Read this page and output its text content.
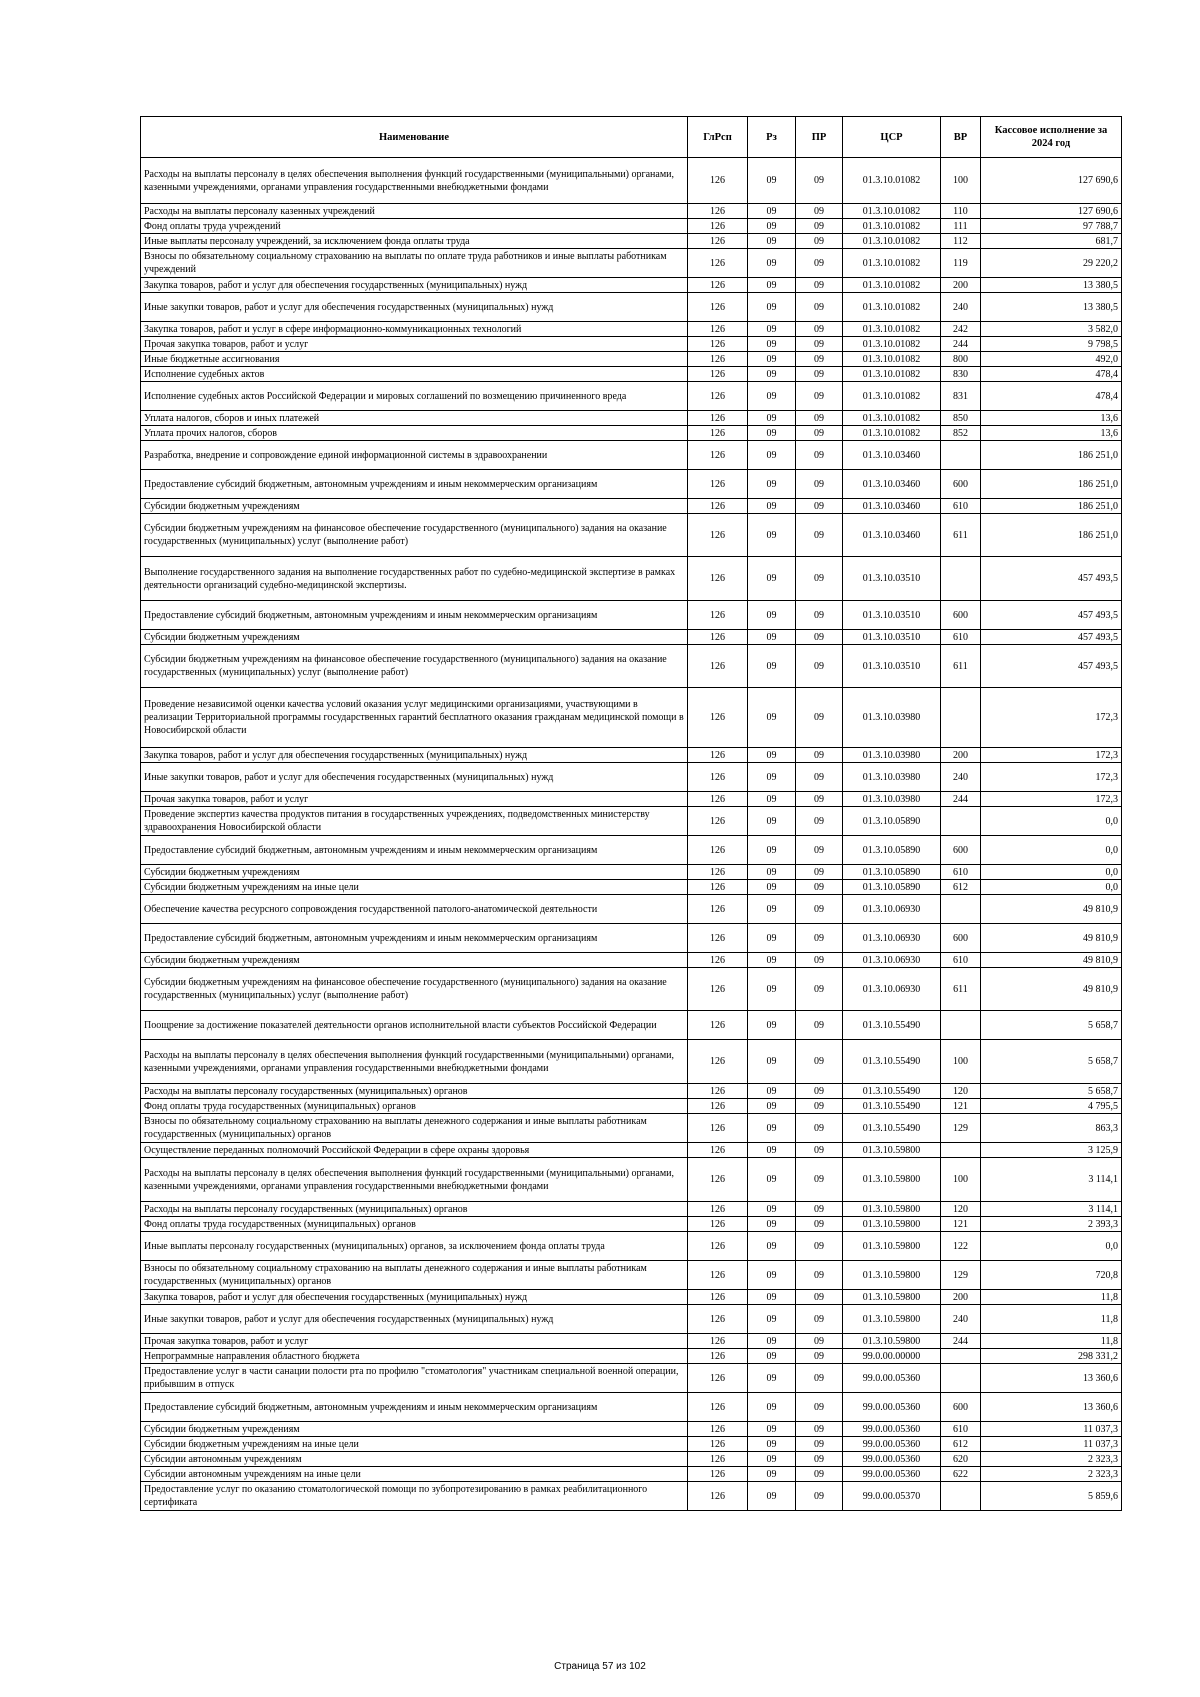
Наименование	ГлРсп	Рз	ПР	ЦСР	ВР	Кассовое исполнение за 2024 год
Расходы на выплаты персоналу в целях обеспечения выполнения функций государственными (муниципальными) органами, казенными учреждениями, органами управления государственными внебюджетными фондами	126	09	09	01.3.10.01082	100	127 690,6
Расходы на выплаты персоналу казенных учреждений	126	09	09	01.3.10.01082	110	127 690,6
Фонд оплаты труда учреждений	126	09	09	01.3.10.01082	111	97 788,7
Иные выплаты персоналу учреждений, за исключением фонда оплаты труда	126	09	09	01.3.10.01082	112	681,7
Взносы по обязательному социальному страхованию на выплаты по оплате труда работников и иные выплаты работникам учреждений	126	09	09	01.3.10.01082	119	29 220,2
Закупка товаров, работ и услуг для обеспечения государственных (муниципальных) нужд	126	09	09	01.3.10.01082	200	13 380,5
Иные закупки товаров, работ и услуг для обеспечения государственных (муниципальных) нужд	126	09	09	01.3.10.01082	240	13 380,5
Закупка товаров, работ и услуг в сфере информационно-коммуникационных технологий	126	09	09	01.3.10.01082	242	3 582,0
Прочая закупка товаров, работ и услуг	126	09	09	01.3.10.01082	244	9 798,5
Иные бюджетные ассигнования	126	09	09	01.3.10.01082	800	492,0
Исполнение судебных актов	126	09	09	01.3.10.01082	830	478,4
Исполнение судебных актов Российской Федерации и мировых соглашений по возмещению причиненного вреда	126	09	09	01.3.10.01082	831	478,4
Уплата налогов, сборов и иных платежей	126	09	09	01.3.10.01082	850	13,6
Уплата прочих налогов, сборов	126	09	09	01.3.10.01082	852	13,6
Разработка, внедрение и сопровождение единой информационной системы в здравоохранении	126	09	09	01.3.10.03460		186 251,0
Предоставление субсидий бюджетным, автономным учреждениям и иным некоммерческим организациям	126	09	09	01.3.10.03460	600	186 251,0
Субсидии бюджетным учреждениям	126	09	09	01.3.10.03460	610	186 251,0
Субсидии бюджетным учреждениям на финансовое обеспечение государственного (муниципального) задания на оказание государственных (муниципальных) услуг (выполнение работ)	126	09	09	01.3.10.03460	611	186 251,0
Выполнение государственного задания на выполнение государственных работ по судебно-медицинской экспертизе в рамках деятельности организаций судебно-медицинской экспертизы.	126	09	09	01.3.10.03510		457 493,5
Предоставление субсидий бюджетным, автономным учреждениям и иным некоммерческим организациям	126	09	09	01.3.10.03510	600	457 493,5
Субсидии бюджетным учреждениям	126	09	09	01.3.10.03510	610	457 493,5
Субсидии бюджетным учреждениям на финансовое обеспечение государственного (муниципального) задания на оказание государственных (муниципальных) услуг (выполнение работ)	126	09	09	01.3.10.03510	611	457 493,5
Проведение независимой оценки качества условий оказания услуг медицинскими организациями, участвующими в реализации Территориальной программы государственных гарантий бесплатного оказания гражданам медицинской помощи в Новосибирской области	126	09	09	01.3.10.03980		172,3
Закупка товаров, работ и услуг для обеспечения государственных (муниципальных) нужд	126	09	09	01.3.10.03980	200	172,3
Иные закупки товаров, работ и услуг для обеспечения государственных (муниципальных) нужд	126	09	09	01.3.10.03980	240	172,3
Прочая закупка товаров, работ и услуг	126	09	09	01.3.10.03980	244	172,3
Проведение экспертиз качества продуктов питания в государственных учреждениях, подведомственных министерству здравоохранения Новосибирской области	126	09	09	01.3.10.05890		0,0
Предоставление субсидий бюджетным, автономным учреждениям и иным некоммерческим организациям	126	09	09	01.3.10.05890	600	0,0
Субсидии бюджетным учреждениям	126	09	09	01.3.10.05890	610	0,0
Субсидии бюджетным учреждениям на иные цели	126	09	09	01.3.10.05890	612	0,0
Обеспечение качества ресурсного сопровождения государственной патолого-анатомической деятельности	126	09	09	01.3.10.06930		49 810,9
Предоставление субсидий бюджетным, автономным учреждениям и иным некоммерческим организациям	126	09	09	01.3.10.06930	600	49 810,9
Субсидии бюджетным учреждениям	126	09	09	01.3.10.06930	610	49 810,9
Субсидии бюджетным учреждениям на финансовое обеспечение государственного (муниципального) задания на оказание государственных (муниципальных) услуг (выполнение работ)	126	09	09	01.3.10.06930	611	49 810,9
Поощрение за достижение показателей деятельности органов исполнительной власти субъектов Российской Федерации	126	09	09	01.3.10.55490		5 658,7
Расходы на выплаты персоналу в целях обеспечения выполнения функций государственными (муниципальными) органами, казенными учреждениями, органами управления государственными внебюджетными фондами	126	09	09	01.3.10.55490	100	5 658,7
Расходы на выплаты персоналу государственных (муниципальных) органов	126	09	09	01.3.10.55490	120	5 658,7
Фонд оплаты труда государственных (муниципальных) органов	126	09	09	01.3.10.55490	121	4 795,5
Взносы по обязательному социальному страхованию на выплаты денежного содержания и иные выплаты работникам государственных (муниципальных) органов	126	09	09	01.3.10.55490	129	863,3
Осуществление переданных полномочий Российской Федерации в сфере охраны здоровья	126	09	09	01.3.10.59800		3 125,9
Расходы на выплаты персоналу в целях обеспечения выполнения функций государственными (муниципальными) органами, казенными учреждениями, органами управления государственными внебюджетными фондами	126	09	09	01.3.10.59800	100	3 114,1
Расходы на выплаты персоналу государственных (муниципальных) органов	126	09	09	01.3.10.59800	120	3 114,1
Фонд оплаты труда государственных (муниципальных) органов	126	09	09	01.3.10.59800	121	2 393,3
Иные выплаты персоналу государственных (муниципальных) органов, за исключением фонда оплаты труда	126	09	09	01.3.10.59800	122	0,0
Взносы по обязательному социальному страхованию на выплаты денежного содержания и иные выплаты работникам государственных (муниципальных) органов	126	09	09	01.3.10.59800	129	720,8
Закупка товаров, работ и услуг для обеспечения государственных (муниципальных) нужд	126	09	09	01.3.10.59800	200	11,8
Иные закупки товаров, работ и услуг для обеспечения государственных (муниципальных) нужд	126	09	09	01.3.10.59800	240	11,8
Прочая закупка товаров, работ и услуг	126	09	09	01.3.10.59800	244	11,8
Непрограммные направления областного бюджета	126	09	09	99.0.00.00000		298 331,2
Предоставление услуг в части санации полости рта по профилю "стоматология" участникам специальной военной операции, прибывшим в отпуск	126	09	09	99.0.00.05360		13 360,6
Предоставление субсидий бюджетным, автономным учреждениям и иным некоммерческим организациям	126	09	09	99.0.00.05360	600	13 360,6
Субсидии бюджетным учреждениям	126	09	09	99.0.00.05360	610	11 037,3
Субсидии бюджетным учреждениям на иные цели	126	09	09	99.0.00.05360	612	11 037,3
Субсидии автономным учреждениям	126	09	09	99.0.00.05360	620	2 323,3
Субсидии автономным учреждениям на иные цели	126	09	09	99.0.00.05360	622	2 323,3
Предоставление услуг по оказанию стоматологической помощи по зубопротезированию в рамках реабилитационного сертификата	126	09	09	99.0.00.05370		5 859,6
Страница 57 из 102
